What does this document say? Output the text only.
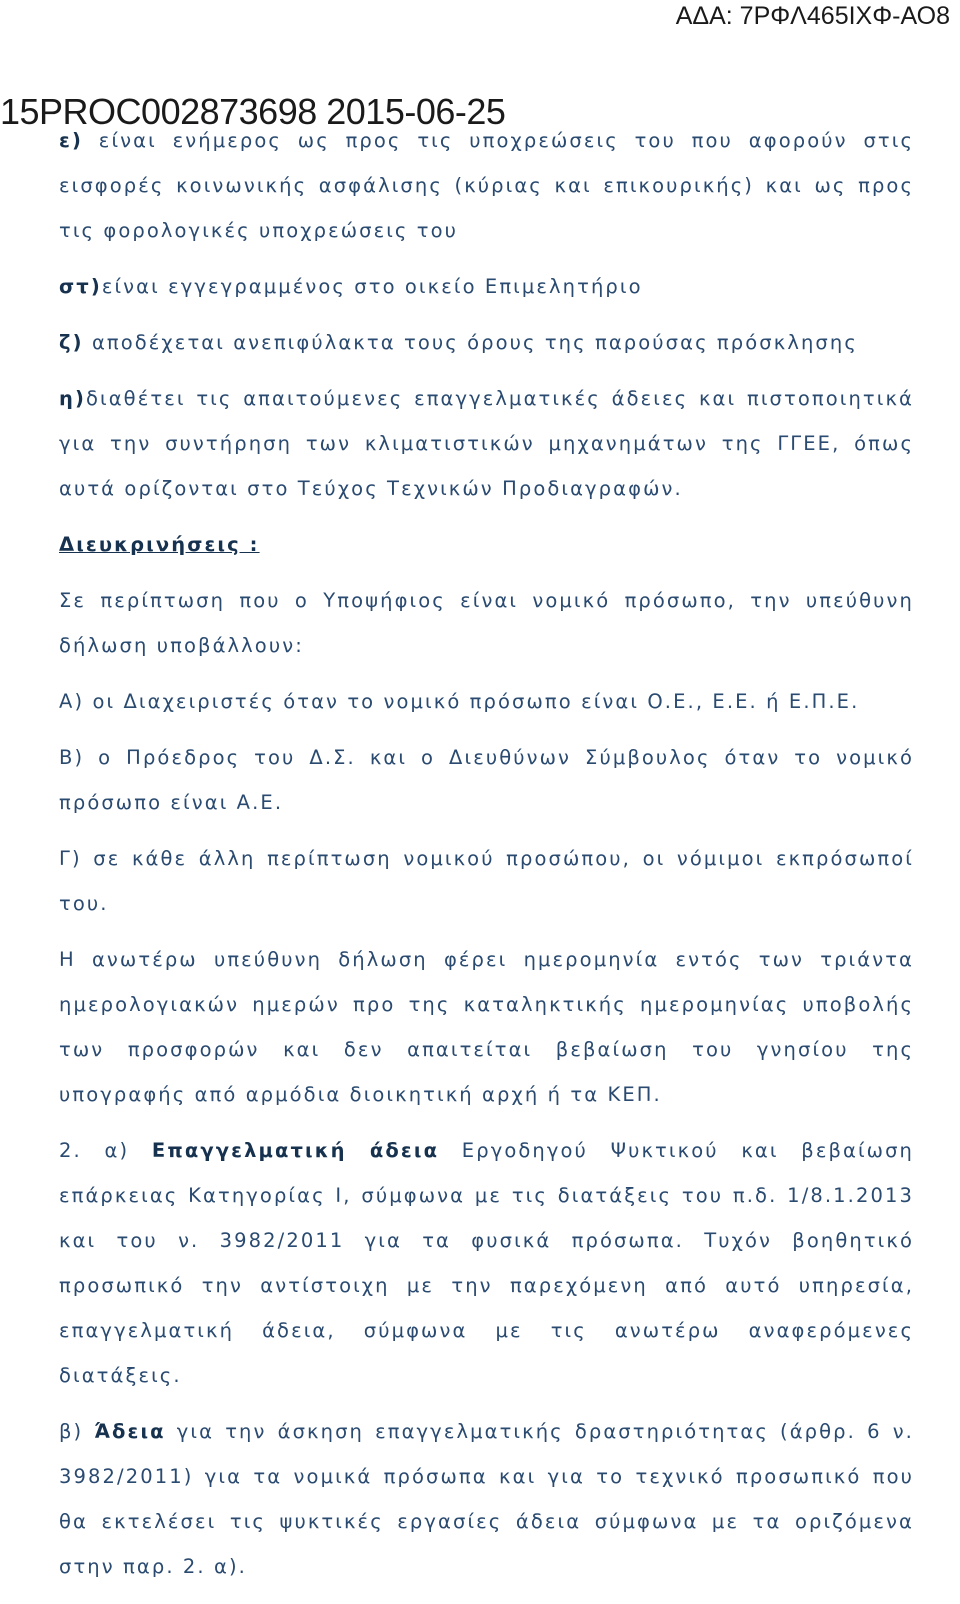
ΑΔΑ: 7ΡΦΛ465ΙΧΦ-ΑΟ8
15PROC002873698 2015-06-25

ε) είναι ενήμερος ως προς τις υποχρεώσεις του που αφορούν στις εισφορές κοινωνικής ασφάλισης (κύριας και επικουρικής) και ως προς τις φορολογικές υποχρεώσεις του

στ)είναι εγγεγραμμένος στο οικείο Επιμελητήριο

ζ) αποδέχεται ανεπιφύλακτα τους όρους της παρούσας πρόσκλησης

η)διαθέτει τις απαιτούμενες επαγγελματικές άδειες και πιστοποιητικά για την συντήρηση των κλιματιστικών μηχανημάτων της ΓΓΕΕ, όπως αυτά ορίζονται στο Τεύχος Τεχνικών Προδιαγραφών.

Διευκρινήσεις :

Σε περίπτωση που ο Υποψήφιος είναι νομικό πρόσωπο, την υπεύθυνη δήλωση υποβάλλουν:

Α) οι Διαχειριστές όταν το νομικό πρόσωπο είναι Ο.Ε., Ε.Ε. ή Ε.Π.Ε.

Β) ο Πρόεδρος του Δ.Σ. και ο Διευθύνων Σύμβουλος όταν το νομικό πρόσωπο είναι Α.Ε.

Γ) σε κάθε άλλη περίπτωση νομικού προσώπου, οι νόμιμοι εκπρόσωποί του.

Η ανωτέρω υπεύθυνη δήλωση φέρει ημερομηνία εντός των τριάντα ημερολογιακών ημερών προ της καταληκτικής ημερομηνίας υποβολής των προσφορών και δεν απαιτείται βεβαίωση του γνησίου της υπογραφής από αρμόδια διοικητική αρχή ή τα ΚΕΠ.

2. α) Επαγγελματική άδεια Εργοδηγού Ψυκτικού και βεβαίωση επάρκειας Κατηγορίας Ι, σύμφωνα με τις διατάξεις του π.δ. 1/8.1.2013 και του ν. 3982/2011 για τα φυσικά πρόσωπα. Τυχόν βοηθητικό προσωπικό την αντίστοιχη με την παρεχόμενη από αυτό υπηρεσία, επαγγελματική άδεια, σύμφωνα με τις ανωτέρω αναφερόμενες διατάξεις.

β) Άδεια για την άσκηση επαγγελματικής δραστηριότητας (άρθρ. 6 ν. 3982/2011) για τα νομικά πρόσωπα και για το τεχνικό προσωπικό που θα εκτελέσει τις ψυκτικές εργασίες άδεια σύμφωνα με τα οριζόμενα στην παρ. 2. α).
